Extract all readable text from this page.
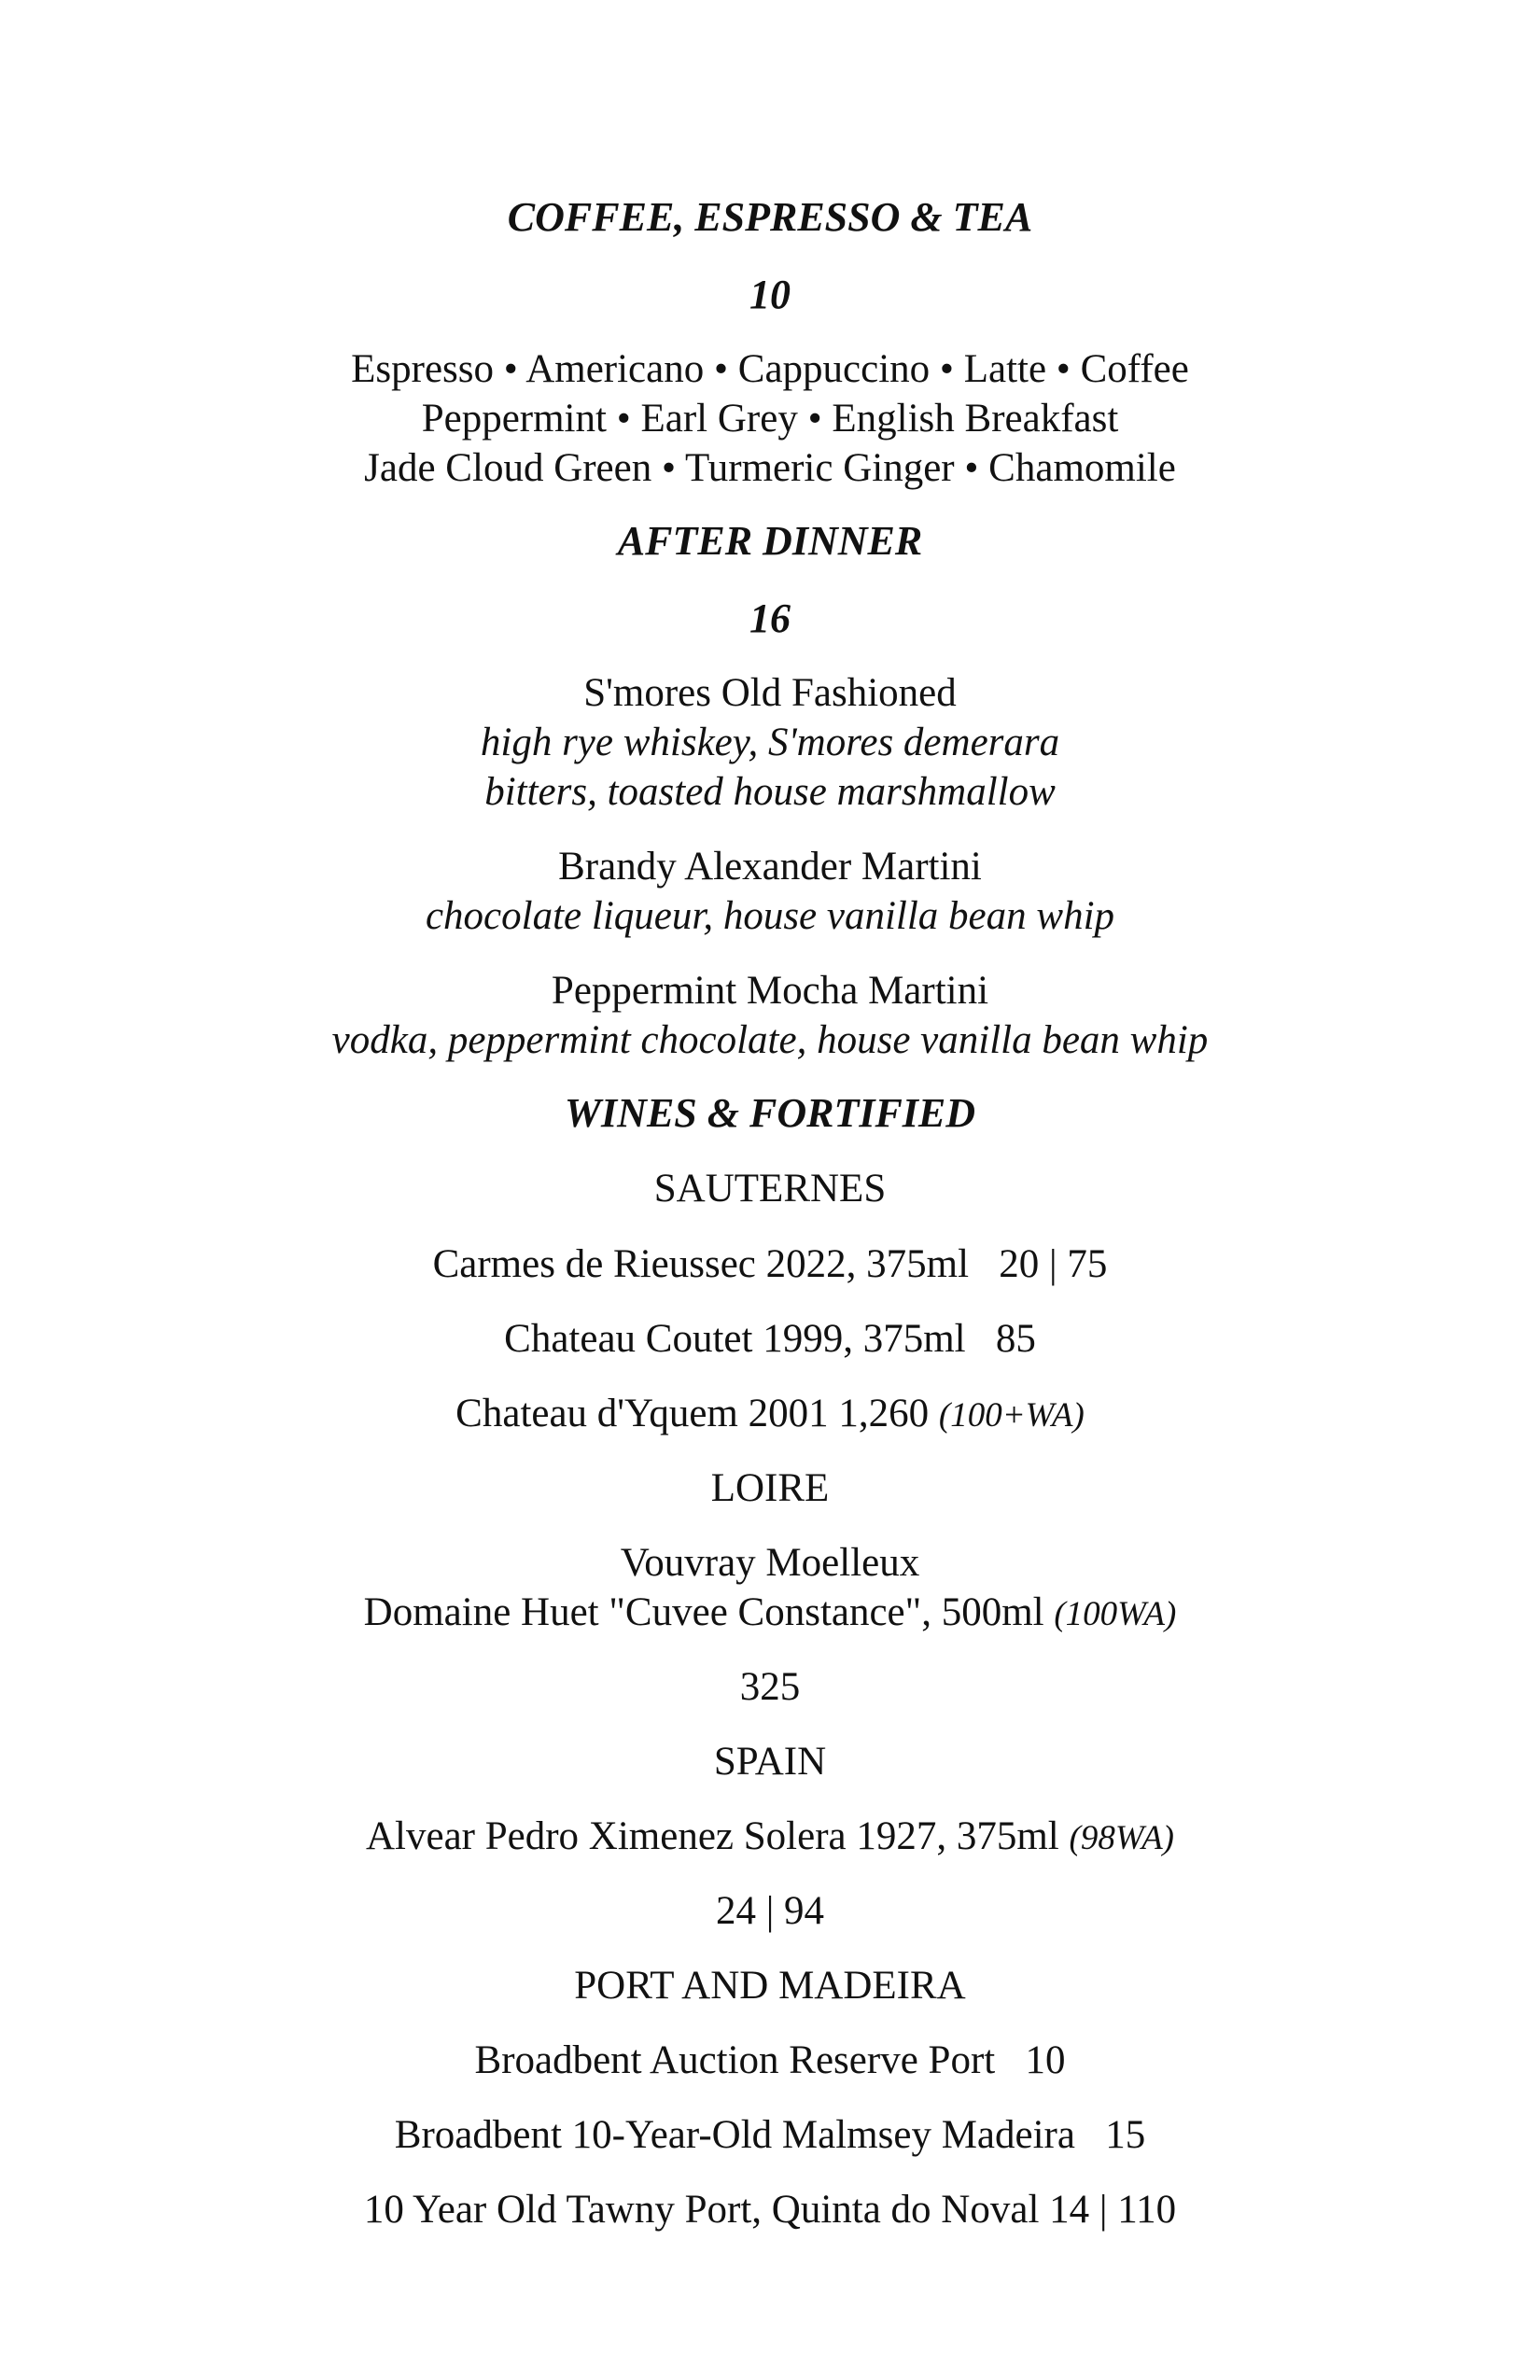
COFFEE, ESPRESSO & TEA
10
Espresso • Americano • Cappuccino • Latte • Coffee
Peppermint • Earl Grey • English Breakfast
Jade Cloud Green • Turmeric Ginger • Chamomile
AFTER DINNER
16
S'mores Old Fashioned
high rye whiskey, S'mores demerara
bitters, toasted house marshmallow
Brandy Alexander Martini
chocolate liqueur, house vanilla bean whip
Peppermint Mocha Martini
vodka, peppermint chocolate, house vanilla bean whip
WINES & FORTIFIED
SAUTERNES
Carmes de Rieussec 2022, 375ml   20 | 75
Chateau Coutet 1999, 375ml   85
Chateau d'Yquem 2001 1,260 (100+WA)
LOIRE
Vouvray Moelleux
Domaine Huet "Cuvee Constance", 500ml (100WA)
325
SPAIN
Alvear Pedro Ximenez Solera 1927, 375ml (98WA)
24 | 94
PORT AND MADEIRA
Broadbent Auction Reserve Port   10
Broadbent 10-Year-Old Malmsey Madeira   15
10 Year Old Tawny Port, Quinta do Noval 14 | 110
